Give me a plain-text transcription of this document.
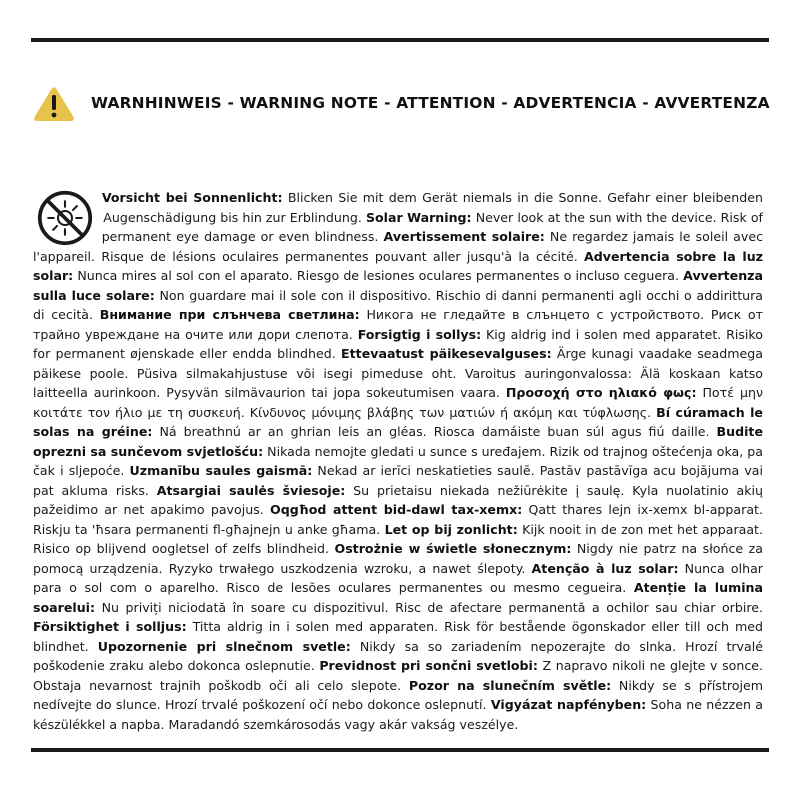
WARNHINWEIS - WARNING NOTE - ATTENTION - ADVERTENCIA - AVVERTENZA
Vorsicht bei Sonnenlicht: Blicken Sie mit dem Gerät niemals in die Sonne. Gefahr einer bleibenden Augenschädigung bis hin zur Erblindung. Solar Warning: Never look at the sun with the device. Risk of permanent eye damage or even blindness. Avertissement solaire: Ne regardez jamais le soleil avec l'appareil. Risque de lésions oculaires permanentes pouvant aller jusqu'à la cécité. Advertencia sobre la luz solar: Nunca mires al sol con el aparato. Riesgo de lesiones oculares permanentes o incluso ceguera. Avvertenza sulla luce solare: Non guardare mai il sole con il dispositivo. Rischio di danni permanenti agli occhi o addirittura di cecità. Внимание при слънчева светлина: Никога не гледайте в слънцето с устройството. Риск от трайно увреждане на очите или дори слепота. Forsigtig i sollys: Kig aldrig ind i solen med apparatet. Risiko for permanent øjenskade eller endda blindhed. Ettevaatust päikesevalguses: Ärge kunagi vaadake seadmega päikese poole. Püsiva silmakahjustuse või isegi pimeduse oht. Varoitus auringonvalossa: Älä koskaan katso laitteella aurinkoon. Pysyvän silmävaurion tai jopa sokeutumisen vaara. Προσοχή στο ηλιακό φως: Ποτέ μην κοιτάτε τον ήλιο με τη συσκευή. Κίνδυνος μόνιμης βλάβης των ματιών ή ακόμη και τύφλωσης. Bí cúramach le solas na gréine: Ná breathnú ar an ghrian leis an gléas. Riosca damáiste buan súl agus fiú daille. Budite oprezni sa sunčevom svjetlošću: Nikada nemojte gledati u sunce s uređajem. Rizik od trajnog oštećenja oka, pa čak i sljepoće. Uzmanību saules gaismā: Nekad ar ierīci neskatieties saulē. Pastāv pastāvīga acu bojājuma vai pat akluma risks. Atsargiai saulės šviesoje: Su prietaisu niekada nežiūrėkite į saulę. Kyla nuolatinio akių pažeidimo ar net apakimo pavojus. Oqgħod attent bid-dawl tax-xemx: Qatt thares lejn ix-xemx bl-apparat. Riskju ta 'ħsara permanenti fl-għajnejn u anke għama. Let op bij zonlicht: Kijk nooit in de zon met het apparaat. Risico op blijvend oogletsel of zelfs blindheid. Ostrożnie w świetle słonecznym: Nigdy nie patrz na słońce za pomocą urządzenia. Ryzyko trwałego uszkodzenia wzroku, a nawet ślepoty. Atenção à luz solar: Nunca olhar para o sol com o aparelho. Risco de lesões oculares permanentes ou mesmo cegueira. Atenție la lumina soarelui: Nu priviți niciodată în soare cu dispozitivul. Risc de afectare permanentă a ochilor sau chiar orbire. Försiktighet i solljus: Titta aldrig in i solen med apparaten. Risk för bestående ögonskador eller till och med blindhet. Upozornenie pri slnečnom svetle: Nikdy sa so zariadením nepozerajte do slnka. Hrozí trvalé poškodenie zraku alebo dokonca oslepnutie. Previdnost pri sončni svetlobi: Z napravo nikoli ne glejte v sonce. Obstaja nevarnost trajnih poškodb oči ali celo slepote. Pozor na slunečním světle: Nikdy se s přístrojem nedívejte do slunce. Hrozí trvalé poškození očí nebo dokonce oslepnutí. Vigyázat napfényben: Soha ne nézzen a készülékkel a napba. Maradandó szemkárosodás vagy akár vakság veszélye.
